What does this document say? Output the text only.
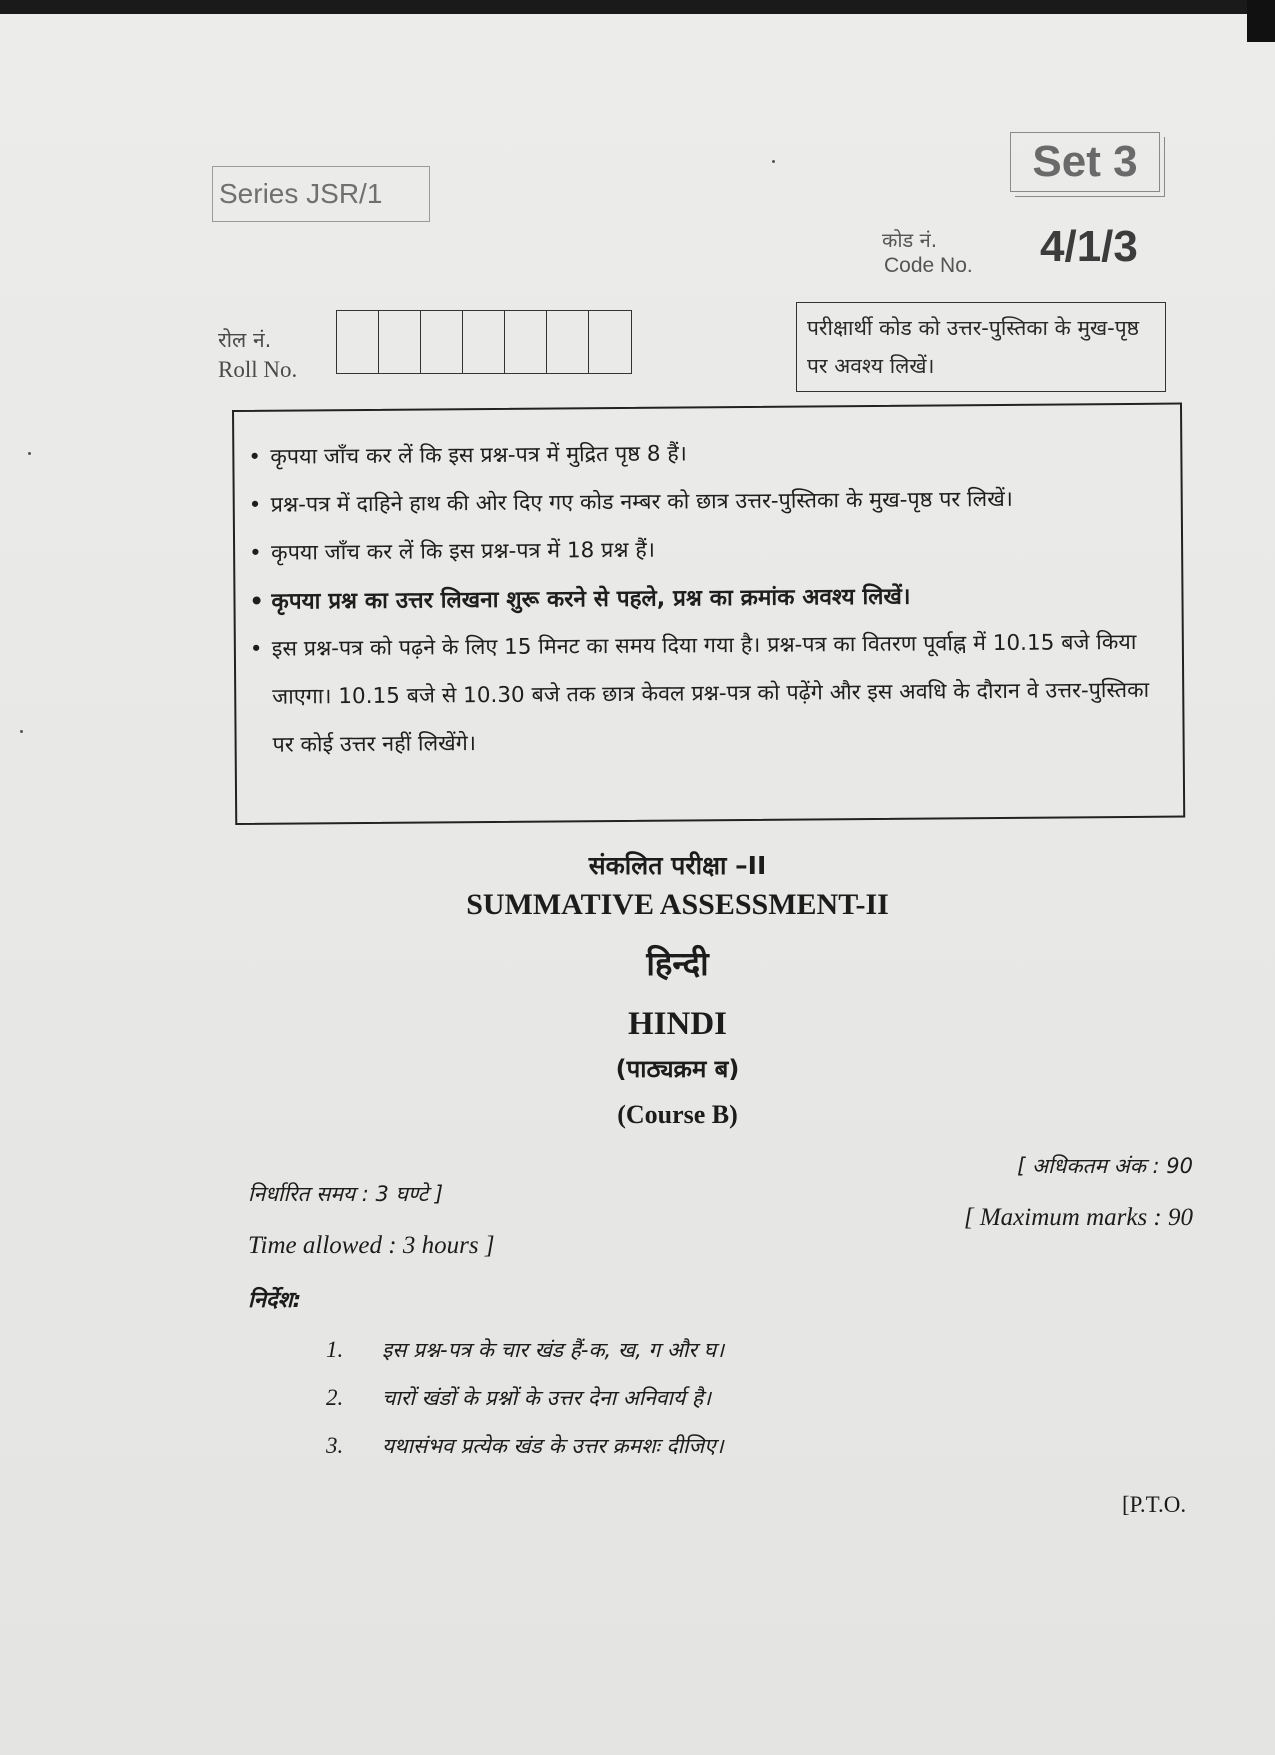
Series JSR/1
Set 3
कोड नं.
Code No. 4/1/3
रोल नं.
Roll No.
परीक्षार्थी कोड को उत्तर-पुस्तिका के मुख-पृष्ठ पर अवश्य लिखें।
• कृपया जाँच कर लें कि इस प्रश्न-पत्र में मुद्रित पृष्ठ 8 हैं।
• प्रश्न-पत्र में दाहिने हाथ की ओर दिए गए कोड नम्बर को छात्र उत्तर-पुस्तिका के मुख-पृष्ठ पर लिखें।
• कृपया जाँच कर लें कि इस प्रश्न-पत्र में 18 प्रश्न हैं।
• कृपया प्रश्न का उत्तर लिखना शुरू करने से पहले, प्रश्न का क्रमांक अवश्य लिखें।
• इस प्रश्न-पत्र को पढ़ने के लिए 15 मिनट का समय दिया गया है। प्रश्न-पत्र का वितरण पूर्वाह्न में 10.15 बजे किया जाएगा। 10.15 बजे से 10.30 बजे तक छात्र केवल प्रश्न-पत्र को पढ़ेंगे और इस अवधि के दौरान वे उत्तर-पुस्तिका पर कोई उत्तर नहीं लिखेंगे।
संकलित परीक्षा –II
SUMMATIVE ASSESSMENT-II
हिन्दी
HINDI
(पाठ्यक्रम ब)
(Course B)
निर्धारित समय : 3 घण्टे ]
Time allowed : 3 hours ]
[ अधिकतम अंक : 90
[ Maximum marks : 90
निर्देश:
1.	इस प्रश्न-पत्र के चार खंड हैं-क, ख, ग और घ।
2.	चारों खंडों के प्रश्नों के उत्तर देना अनिवार्य है।
3.	यथासंभव प्रत्येक खंड के उत्तर क्रमशः दीजिए।
[P.T.O.
